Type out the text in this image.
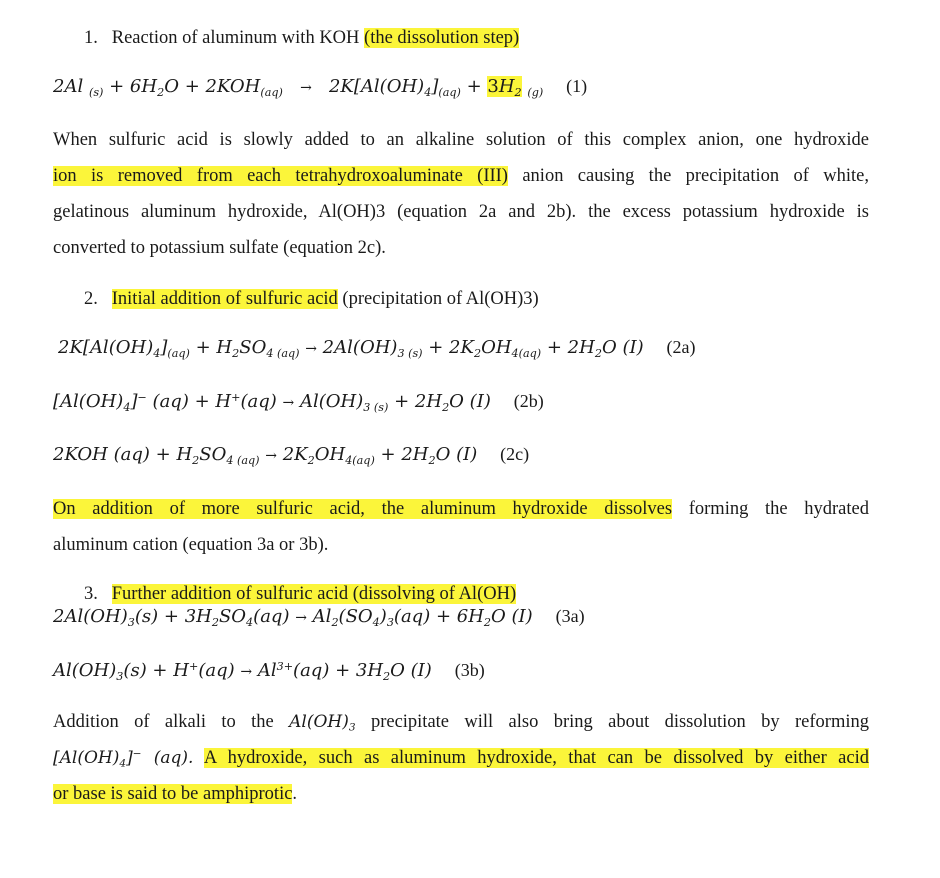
1. Reaction of aluminum with KOH (the dissolution step)
2Al $_{(s)} + 6H_2O + 2KOH_{(aq)} \to 2K[Al(OH)_4]_{(aq)} + 3H_2$ $_{(g)}$ (1)
When sulfuric acid is slowly added to an alkaline solution of this complex anion, one hydroxide
ion is removed from each tetrahydroxoaluminate (III) anion causing the precipitation of white,
gelatinous aluminum hydroxide, Al(OH)3 (equation 2a and 2b). the excess potassium hydroxide is
converted to potassium sulfate (equation 2c).
2. Initial addition of sulfuric acid (precipitation of Al(OH)3)
$2K[Al(OH)_4]_{(aq)} + H_2SO_{4 (aq)} \to 2Al(OH)_{3 (s)} + 2K_2OH_{4(aq)} + 2H_2O$ (I)    (2a)
$[Al(OH)_4]^-$ $(aq) + H^+(aq) \to Al(OH)_{3 (s)} + 2H_2O$ (I)    (2b)
2KOH $(aq) + H_2SO_{4 (aq)} \to 2K_2OH_{4(aq)} + 2H_2O$ (I)    (2c)
On addition of more sulfuric acid, the aluminum hydroxide dissolves forming the hydrated
aluminum cation (equation 3a or 3b).
3. Further addition of sulfuric acid (dissolving of Al(OH)
$2Al(OH)_3(s) + 3H_2SO_4(aq) \to Al_2(SO_4)_3(aq) + 6H_2O$ (I)    (3a)
$Al(OH)_3(s) + H^+(aq) \to Al^{3+}(aq) + 3H_2O$ (I)    (3b)
Addition of alkali to the $Al(OH)_3$ precipitate will also bring about dissolution by reforming
$[Al(OH)_4]^-$ (aq). A hydroxide, such as aluminum hydroxide, that can be dissolved by either acid
or base is said to be amphiprotic.
